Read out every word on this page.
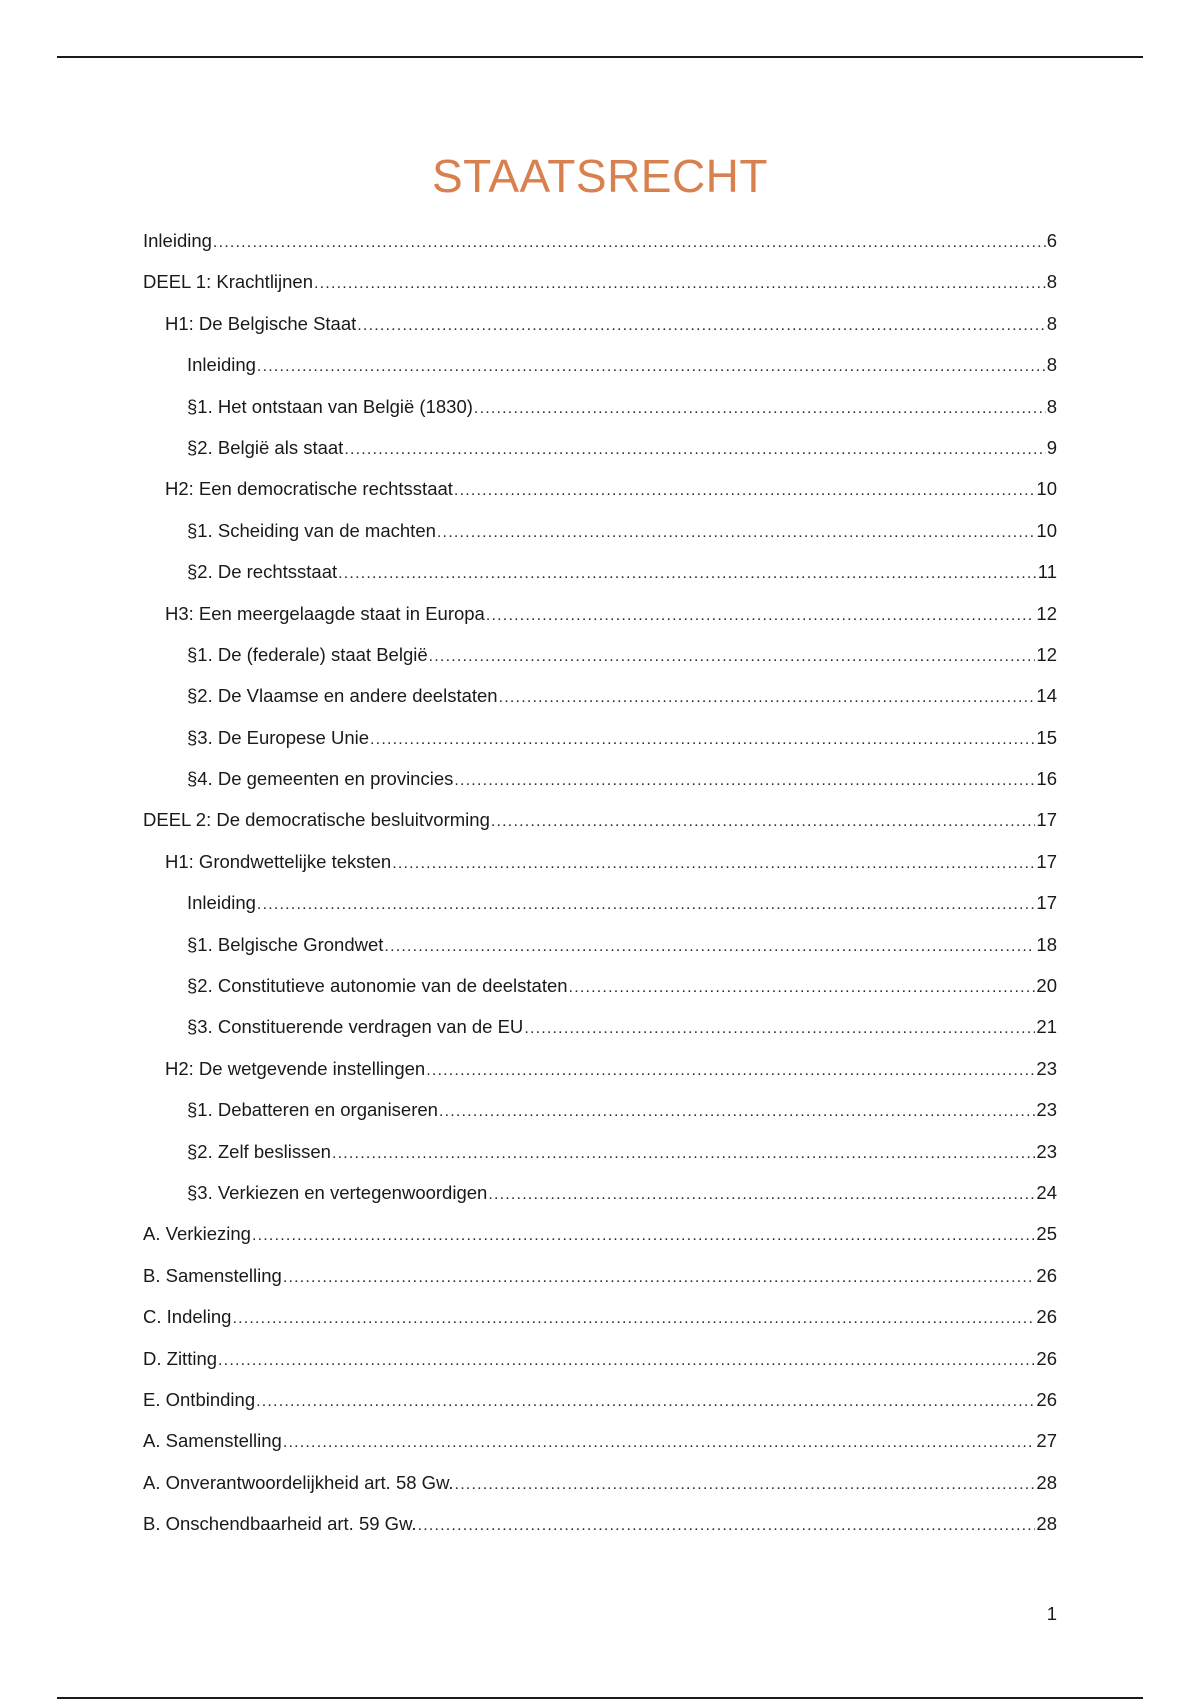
STAATSRECHT
Inleiding .....	6
DEEL 1: Krachtlijnen .....	8
H1: De Belgische Staat .....	8
Inleiding .....	8
§1. Het ontstaan van België (1830) .....	8
§2. België als staat .....	9
H2: Een democratische rechtsstaat .....	10
§1. Scheiding van de machten .....	10
§2. De rechtsstaat .....	11
H3: Een meergelaagde staat in Europa .....	12
§1. De (federale) staat België .....	12
§2. De Vlaamse en andere deelstaten .....	14
§3. De Europese Unie .....	15
§4. De gemeenten en provincies .....	16
DEEL 2: De democratische besluitvorming .....	17
H1: Grondwettelijke teksten .....	17
Inleiding .....	17
§1. Belgische Grondwet .....	18
§2. Constitutieve autonomie van de deelstaten .....	20
§3. Constituerende verdragen van de EU .....	21
H2: De wetgevende instellingen .....	23
§1. Debatteren en organiseren .....	23
§2. Zelf beslissen .....	23
§3. Verkiezen en vertegenwoordigen .....	24
A. Verkiezing .....	25
B. Samenstelling .....	26
C. Indeling .....	26
D. Zitting .....	26
E. Ontbinding .....	26
A. Samenstelling .....	27
A. Onverantwoordelijkheid art. 58 Gw. .....	28
B. Onschendbaarheid art. 59 Gw. .....	28
1
